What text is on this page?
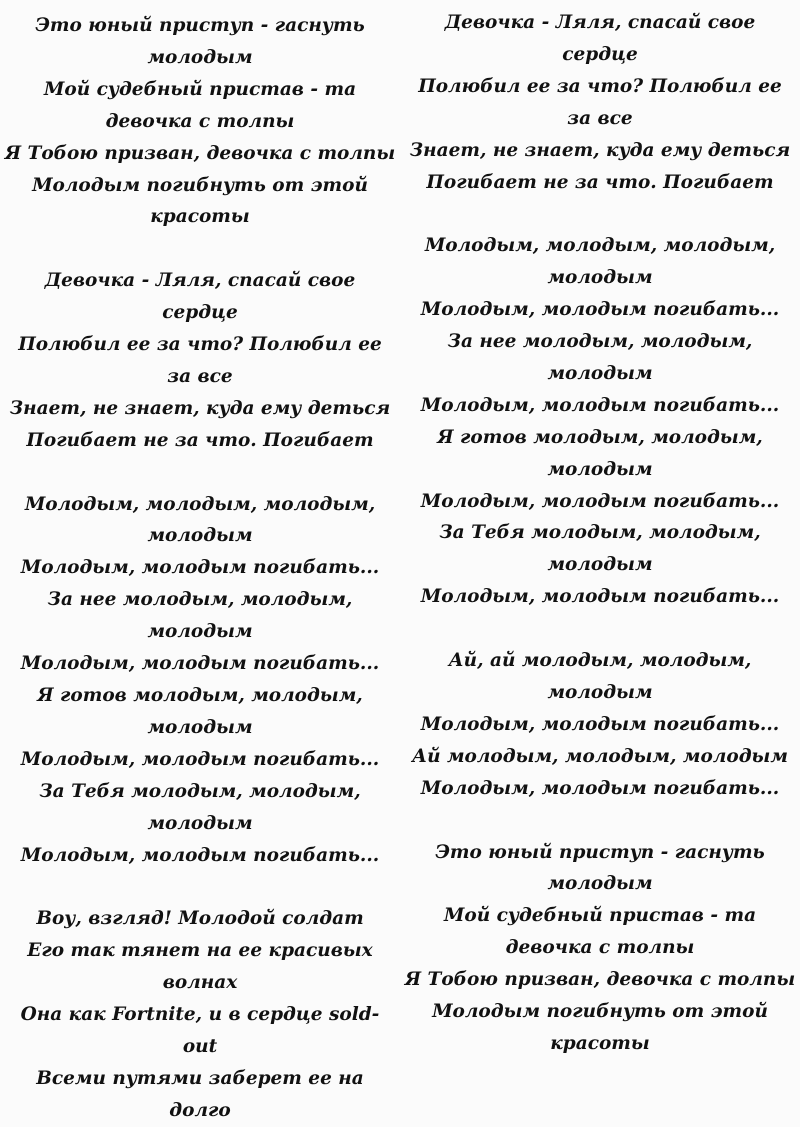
Это юный приступ - гаснуть молодым
Мой судебный пристав - та девочка с толпы
Я Тобою призван, девочка с толпы
Молодым погибнуть от этой красоты
Девочка - Ляля, спасай свое сердце
Полюбил ее за что? Полюбил ее за все
Знает, не знает, куда ему деться
Погибает не за что. Погибает
Молодым, молодым, молодым, молодым
Молодым, молодым погибать...
За нее молодым, молодым, молодым
Молодым, молодым погибать...
Я готов молодым, молодым, молодым
Молодым, молодым погибать...
За Тебя молодым, молодым, молодым
Молодым, молодым погибать...
Воу, взгляд! Молодой солдат
Его так тянет на ее красивых волнах
Она как Fortnite, и в сердце sold-out
Всеми путями заберет ее на долго
Девочка - Ляля, спасай свое сердце
Полюбил ее за что? Полюбил ее за все
Знает, не знает, куда ему деться
Погибает не за что. Погибает
Молодым, молодым, молодым, молодым
Молодым, молодым погибать...
За нее молодым, молодым, молодым
Молодым, молодым погибать...
Я готов молодым, молодым, молодым
Молодым, молодым погибать...
За Тебя молодым, молодым, молодым
Молодым, молодым погибать...
Ай, ай молодым, молодым, молодым
Молодым, молодым погибать...
Ай молодым, молодым, молодым
Молодым, молодым погибать...
Это юный приступ - гаснуть молодым
Мой судебный пристав - та девочка с толпы
Я Тобою призван, девочка с толпы
Молодым погибнуть от этой красоты
